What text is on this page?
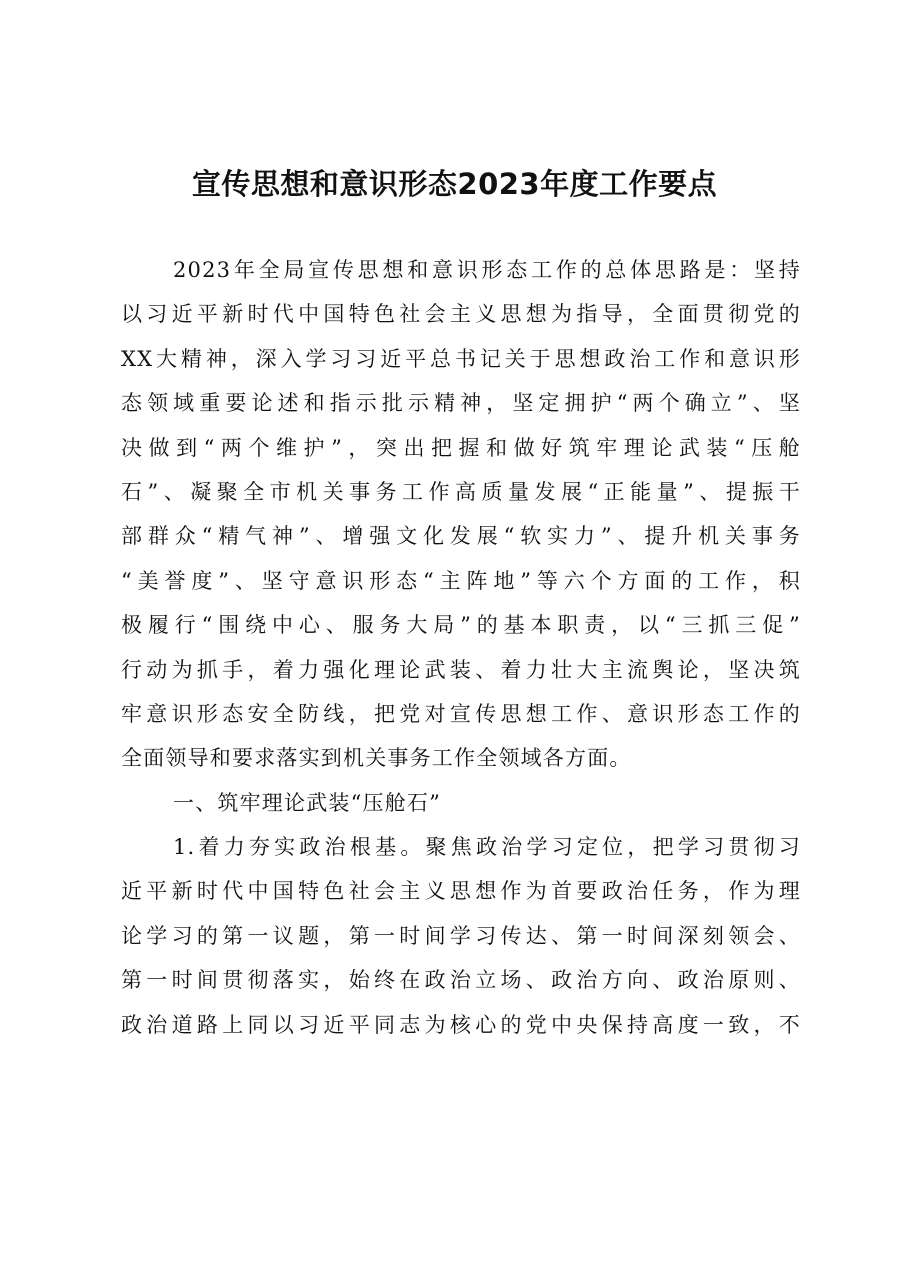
宣传思想和意识形态2023年度工作要点
2023年全局宣传思想和意识形态工作的总体思路是：坚持
以习近平新时代中国特色社会主义思想为指导，全面贯彻党的
XX大精神，深入学习习近平总书记关于思想政治工作和意识形
态领域重要论述和指示批示精神，坚定拥护“两个确立”、坚
决做到“两个维护”，突出把握和做好筑牢理论武装“压舱
石”、凝聚全市机关事务工作高质量发展“正能量”、提振干
部群众“精气神”、增强文化发展“软实力”、提升机关事务
“美誉度”、坚守意识形态“主阵地”等六个方面的工作，积
极履行“围绕中心、服务大局”的基本职责，以“三抓三促”
行动为抓手，着力强化理论武装、着力壮大主流舆论，坚决筑
牢意识形态安全防线，把党对宣传思想工作、意识形态工作的
全面领导和要求落实到机关事务工作全领域各方面。
一、筑牢理论武装“压舱石”
1.着力夯实政治根基。聚焦政治学习定位，把学习贯彻习
近平新时代中国特色社会主义思想作为首要政治任务，作为理
论学习的第一议题，第一时间学习传达、第一时间深刻领会、
第一时间贯彻落实，始终在政治立场、政治方向、政治原则、
政治道路上同以习近平同志为核心的党中央保持高度一致，不
